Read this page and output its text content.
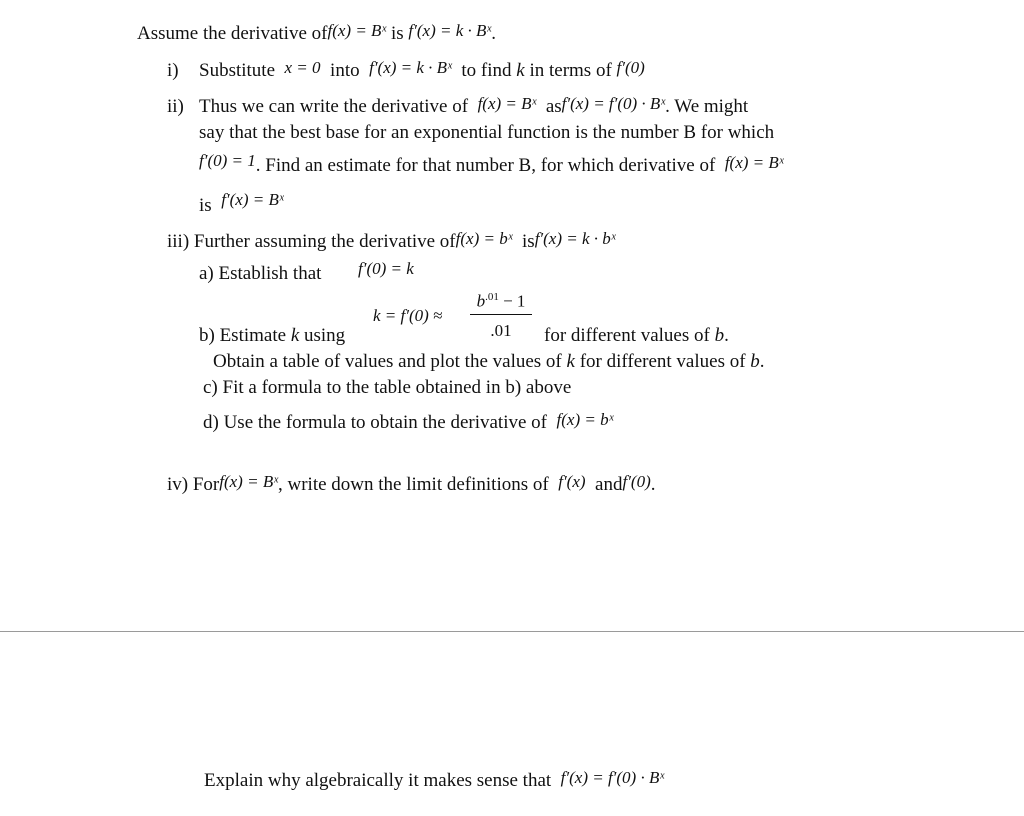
Assume the derivative off(x) = Bˣ is f′(x) = k · Bˣ.
i) Substitute x = 0 into f′(x) = k · Bˣ to find k in terms of f′(0)
ii) Thus we can write the derivative of f(x) = Bˣ asf′(x) = f′(0) · Bˣ. We might
say that the best base for an exponential function is the number B for which
f′(0) = 1. Find an estimate for that number B, for which derivative of f(x) = Bˣ
is f′(x) = Bˣ
iii) Further assuming the derivative off(x) = bˣ isf′(x) = k · bˣ
a) Establish that f′(0) = k
k = f′(0) ≈
$b^{.01} - 1$
.01
b) Estimate k using	for different values of b.
Obtain a table of values and plot the values of k for different values of b.
c) Fit a formula to the table obtained in b) above
d) Use the formula to obtain the derivative of f(x) = bˣ
iv) Forf(x) = Bˣ, write down the limit definitions of f′(x) andf′(0).
Explain why algebraically it makes sense that f′(x) = f′(0) · Bˣ
